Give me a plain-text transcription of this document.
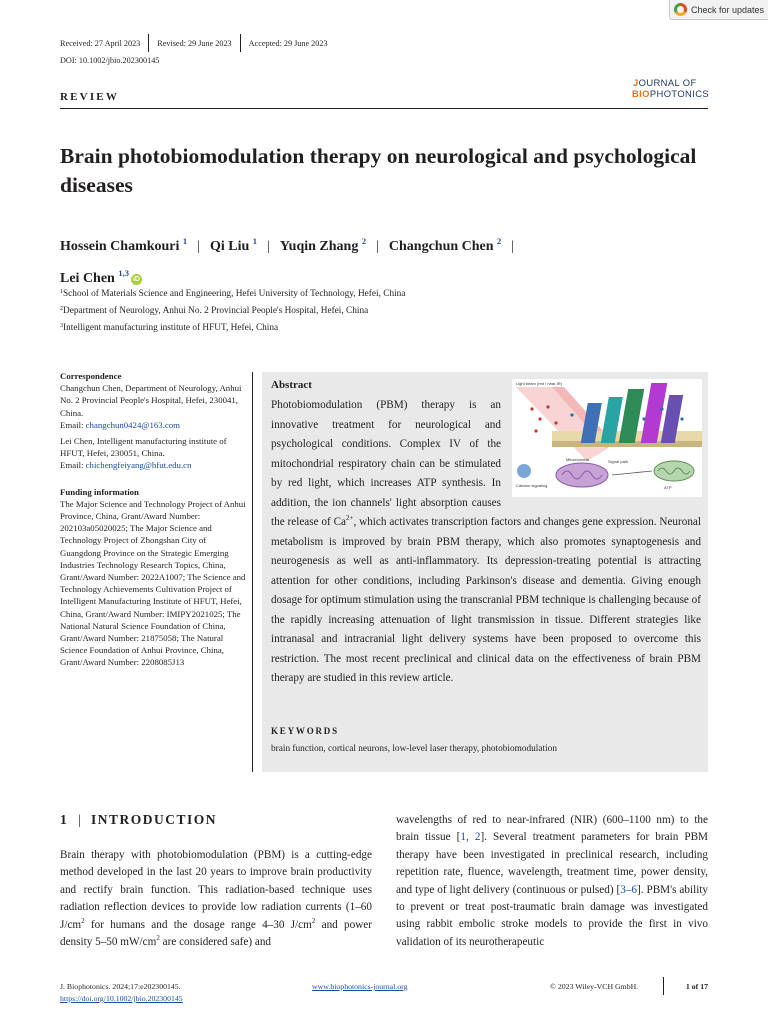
Check for updates
Received: 27 April 2023	Revised: 29 June 2023	Accepted: 29 June 2023
DOI: 10.1002/jbio.202300145
JOURNAL OF
BIOPHOTONICS
REVIEW
Brain photobiomodulation therapy on neurological and psychological diseases
Hossein Chamkouri $^1$ | Qi Liu $^1$ | Yuqin Zhang $^2$ | Changchun Chen $^2$ |
Lei Chen $^{1,3}$iD
$^1$School of Materials Science and Engineering, Hefei University of Technology, Hefei, China
$^2$Department of Neurology, Anhui No. 2 Provincial People's Hospital, Hefei, China
$^3$Intelligent manufacturing institute of HFUT, Hefei, China
Correspondence
Changchun Chen, Department of Neurology, Anhui No. 2 Provincial People's Hospital, Hefei, 230041, China.
Email: changchun0424@163.com
Lei Chen, Intelligent manufacturing institute of HFUT, Hefei, 230051, China.
Email: chichengfeiyang@hfut.edu.cn
Funding information
The Major Science and Technology Project of Anhui Province, China, Grant/Award Number: 202103a05020025; The Major Science and Technology Project of Zhongshan City of Guangdong Province on the Strategic Emerging Industries Technology Research Topics, China, Grant/Award Number: 2022A1007; The Science and Technology Achievements Cultivation Project of Intelligent Manufacturing Institute of HFUT, Hefei, China, Grant/Award Number: IMIPY2021025; The National Natural Science Foundation of China, Grant/Award Number: 21875058; The Natural Science Foundation of Anhui Province, China, Grant/Award Number: 2208085J13
Abstract
Photobiomodulation (PBM) therapy is an innovative treatment for neurological and psychological conditions. Complex IV of the mitochondrial respiratory chain can be stimulated by red light, which increases ATP synthesis. In addition, the ion channels' light absorption causes the release of $Ca^{2+}$, which activates transcription factors and changes gene expression. Neuronal metabolism is improved by brain PBM therapy, which also promotes synaptogenesis and neurogenesis as well as anti-inflammatory. Its depression-treating potential is attracting attention for other conditions, including Parkinson's disease and dementia. Giving enough dosage for optimum stimulation using the transcranial PBM technique is challenging because of the rapidly increasing attenuation of light transmission in tissue. Different strategies like intranasal and intracranial light delivery systems have been proposed to overcome this restriction. The most recent preclinical and clinical data on the effectiveness of brain PBM therapy are studied in this review article.
Light beam (red / near-IR)
Signal path
Mitochondria
Calcium signaling	ATP
KEYWORDS
brain function, cortical neurons, low-level laser therapy, photobiomodulation
1 | INTRODUCTION
Brain therapy with photobiomodulation (PBM) is a cutting-edge method developed in the last 20 years to improve brain productivity and rectify brain function. This radiation-based technique uses radiation reflection devices to provide low radiation currents (1–60 $J/cm^2$ for humans and the dosage range 4–30 $J/cm^2$ and power density 5–50 $mW/cm^2$ are considered safe) and
wavelengths of red to near-infrared (NIR) (600–1100 nm) to the brain tissue [1, 2]. Several treatment parameters for brain PBM therapy have been investigated in preclinical research, including repetition rate, fluence, wavelength, treatment time, power density, and type of light delivery (continuous or pulsed) [3–6]. PBM's ability to prevent or treat post-traumatic brain damage was investigated using rabbit embolic stroke models to provide the first in vivo validation of its neurotherapeutic
J. Biophotonics. 2024;17:e202300145.
https://doi.org/10.1002/jbio.202300145
www.biophotonics-journal.org	© 2023 Wiley-VCH GmbH.	1 of 17
